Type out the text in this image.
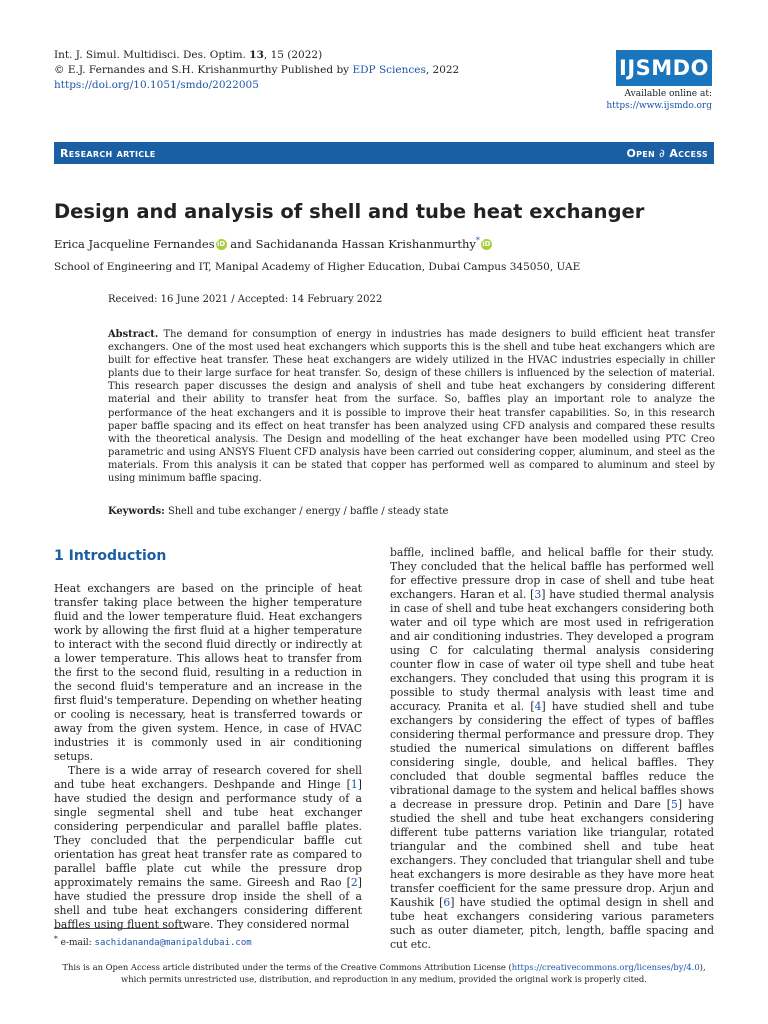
Int. J. Simul. Multidisci. Des. Optim. 13, 15 (2022)
© E.J. Fernandes and S.H. Krishanmurthy Published by EDP Sciences, 2022
https://doi.org/10.1051/smdo/2022005
IJSMDO
Available online at:
https://www.ijsmdo.org
Research article	Open ∂ Access
Design and analysis of shell and tube heat exchanger
Erica Jacqueline Fernandes iD and Sachidananda Hassan Krishanmurthy* iD
School of Engineering and IT, Manipal Academy of Higher Education, Dubai Campus 345050, UAE
Received: 16 June 2021 / Accepted: 14 February 2022

Abstract. The demand for consumption of energy in industries has made designers to build efficient heat transfer exchangers. One of the most used heat exchangers which supports this is the shell and tube heat exchangers which are built for effective heat transfer. These heat exchangers are widely utilized in the HVAC industries especially in chiller plants due to their large surface for heat transfer. So, design of these chillers is influenced by the selection of material. This research paper discusses the design and analysis of shell and tube heat exchangers by considering different material and their ability to transfer heat from the surface. So, baffles play an important role to analyze the performance of the heat exchangers and it is possible to improve their heat transfer capabilities. So, in this research paper baffle spacing and its effect on heat transfer has been analyzed using CFD analysis and compared these results with the theoretical analysis. The Design and modelling of the heat exchanger have been modelled using PTC Creo parametric and using ANSYS Fluent CFD analysis have been carried out considering copper, aluminum, and steel as the materials. From this analysis it can be stated that copper has performed well as compared to aluminum and steel by using minimum baffle spacing.

Keywords: Shell and tube exchanger / energy / baffle / steady state
1 Introduction

Heat exchangers are based on the principle of heat transfer taking place between the higher temperature fluid and the lower temperature fluid. Heat exchangers work by allowing the first fluid at a higher temperature to interact with the second fluid directly or indirectly at a lower temperature. This allows heat to transfer from the first to the second fluid, resulting in a reduction in the second fluid's temperature and an increase in the first fluid's temperature. Depending on whether heating or cooling is necessary, heat is transferred towards or away from the given system. Hence, in case of HVAC industries it is commonly used in air conditioning setups.

There is a wide array of research covered for shell and tube heat exchangers. Deshpande and Hinge [1] have studied the design and performance study of a single segmental shell and tube heat exchanger considering perpendicular and parallel baffle plates. They concluded that the perpendicular baffle cut orientation has great heat transfer rate as compared to parallel baffle plate cut while the pressure drop approximately remains the same. Gireesh and Rao [2] have studied the pressure drop inside the shell of a shell and tube heat exchangers considering different baffles using fluent software. They considered normal

baffle, inclined baffle, and helical baffle for their study. They concluded that the helical baffle has performed well for effective pressure drop in case of shell and tube heat exchangers. Haran et al. [3] have studied thermal analysis in case of shell and tube heat exchangers considering both water and oil type which are most used in refrigeration and air conditioning industries. They developed a program using C for calculating thermal analysis considering counter flow in case of water oil type shell and tube heat exchangers. They concluded that using this program it is possible to study thermal analysis with least time and accuracy. Pranita et al. [4] have studied shell and tube exchangers by considering the effect of types of baffles considering thermal performance and pressure drop. They studied the numerical simulations on different baffles considering single, double, and helical baffles. They concluded that double segmental baffles reduce the vibrational damage to the system and helical baffles shows a decrease in pressure drop. Petinin and Dare [5] have studied the shell and tube heat exchangers considering different tube patterns variation like triangular, rotated triangular and the combined shell and tube heat exchangers. They concluded that triangular shell and tube heat exchangers is more desirable as they have more heat transfer coefficient for the same pressure drop. Arjun and Kaushik [6] have studied the optimal design in shell and tube heat exchangers considering various parameters such as outer diameter, pitch, length, baffle spacing and cut etc.

* e-mail: sachidananda@manipaldubai.com
This is an Open Access article distributed under the terms of the Creative Commons Attribution License (https://creativecommons.org/licenses/by/4.0), which permits unrestricted use, distribution, and reproduction in any medium, provided the original work is properly cited.
